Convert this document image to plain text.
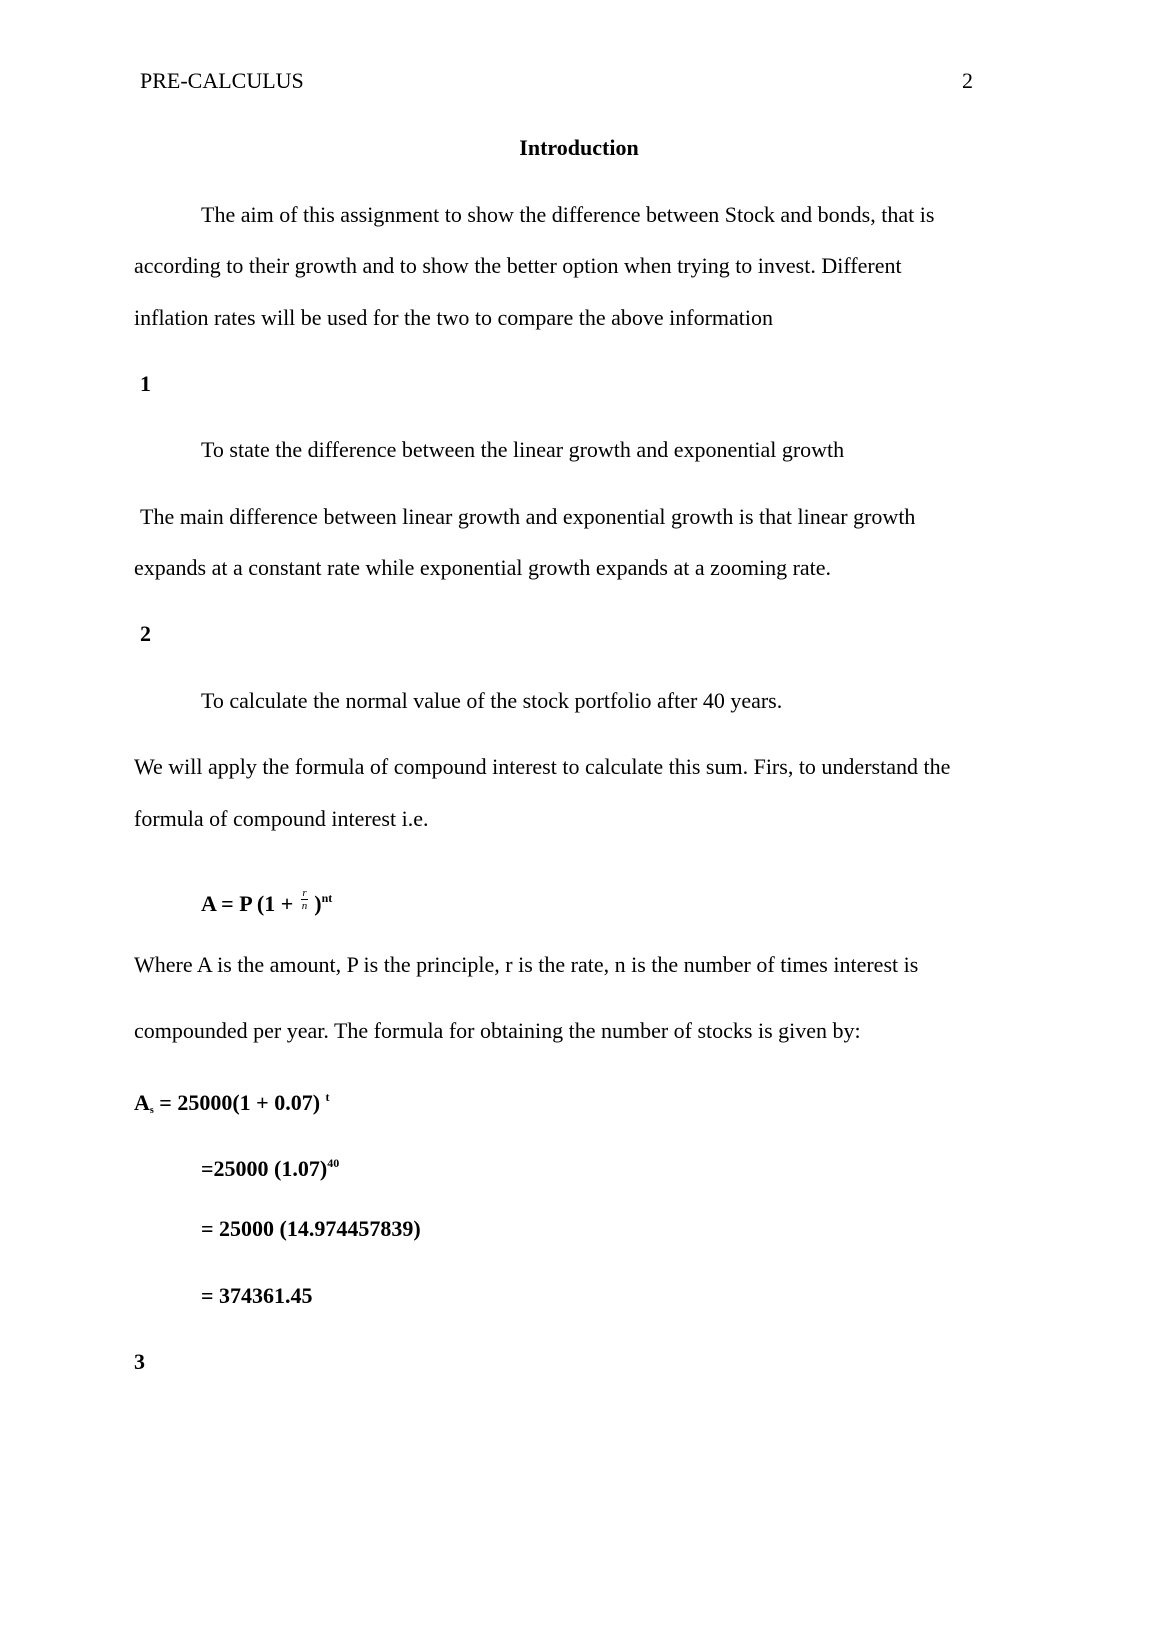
PRE-CALCULUS	2
Introduction
The aim of this assignment to show the difference between Stock and bonds, that is
according to their growth and to show the better option when trying to invest. Different
inflation rates will be used for the two to compare the above information
1
To state the difference between the linear growth and exponential growth
The main difference between linear growth and exponential growth is that linear growth
expands at a constant rate while exponential growth expands at a zooming rate.
2
To calculate the normal value of the stock portfolio after 40 years.
We will apply the formula of compound interest to calculate this sum. Firs, to understand the
formula of compound interest i.e.
A = P $(1 + \frac{r}{n} )^{nt}$
Where A is the amount, P is the principle, r is the rate, n is the number of times interest is
compounded per year. The formula for obtaining the number of stocks is given by:
$A_s = 25000(1 + 0.07)$ $^t$
=25000 $(1.07)^{40}$
= 25000 (14.974457839)
= 374361.45
3
